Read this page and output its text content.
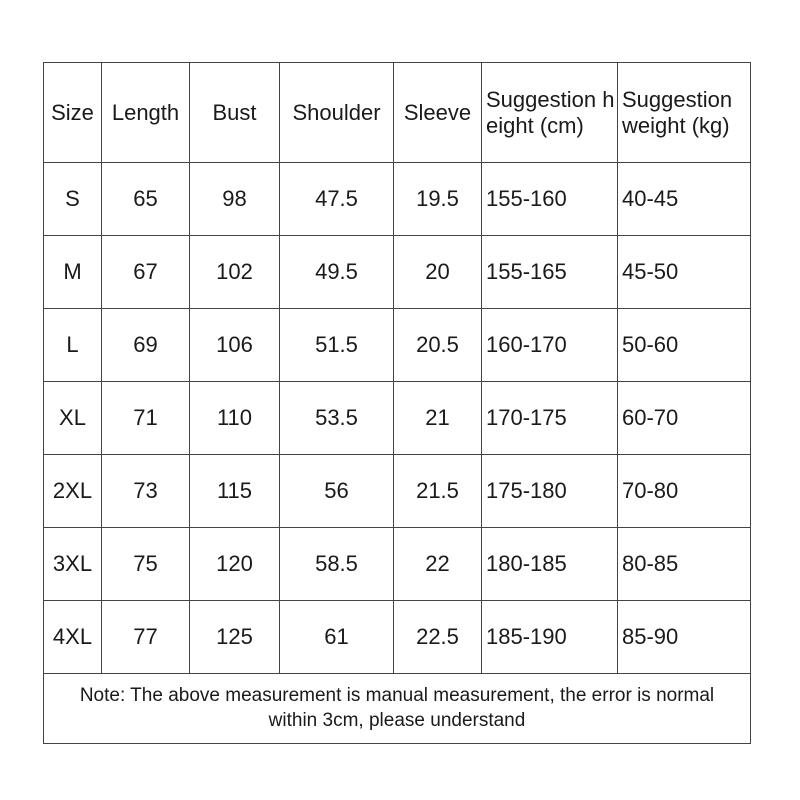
Size	Length	Bust	Shoulder	Sleeve	Suggestion height (cm)	Suggestion weight (kg)
S	65	98	47.5	19.5	155-160	40-45
M	67	102	49.5	20	155-165	45-50
L	69	106	51.5	20.5	160-170	50-60
XL	71	110	53.5	21	170-175	60-70
2XL	73	115	56	21.5	175-180	70-80
3XL	75	120	58.5	22	180-185	80-85
4XL	77	125	61	22.5	185-190	85-90
Note: The above measurement is manual measurement, the error is normal within 3cm, please understand						
